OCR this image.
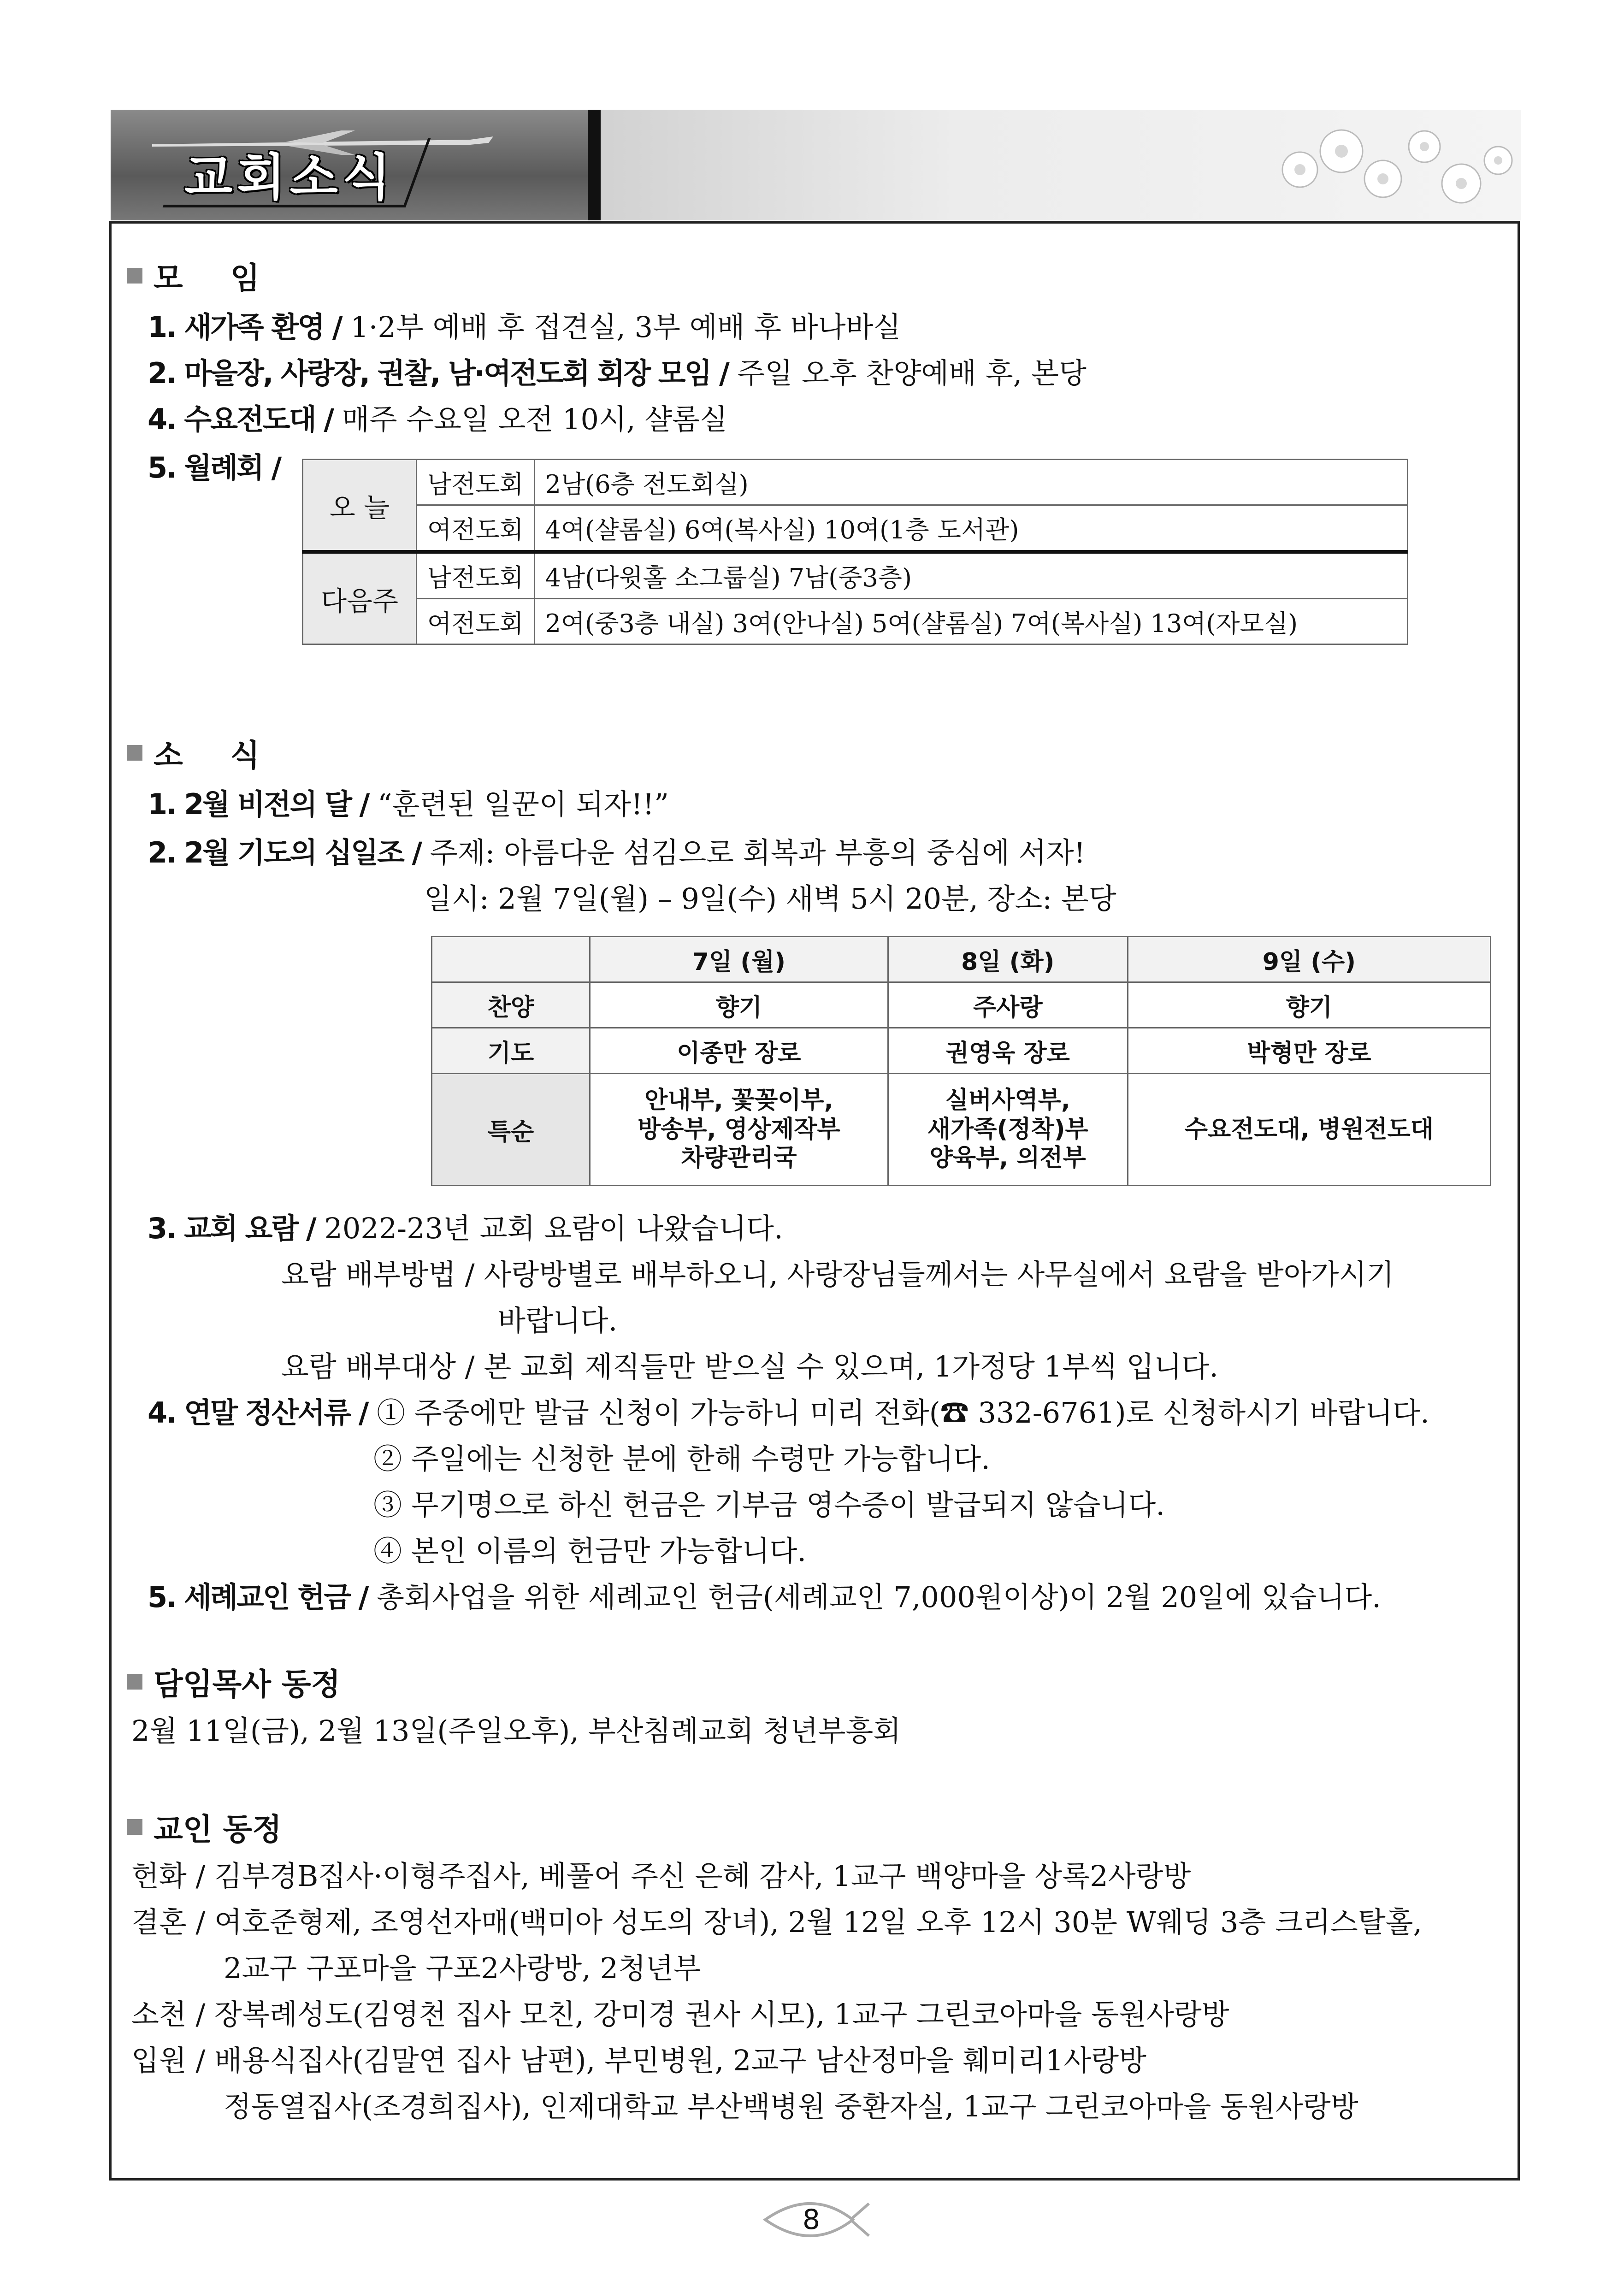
교회소식
모 임
1. 새가족 환영 / 1·2부 예배 후 접견실, 3부 예배 후 바나바실
2. 마을장, 사랑장, 권찰, 남·여전도회 회장 모임 / 주일 오후 찬양예배 후, 본당
4. 수요전도대 / 매주 수요일 오전 10시, 샬롬실
5. 월례회 /
오 늘	남전도회	2남(6층 전도회실)
	여전도회	4여(샬롬실) 6여(복사실) 10여(1층 도서관)
다음주	남전도회	4남(다윗홀 소그룹실) 7남(중3층)
	여전도회	2여(중3층 내실) 3여(안나실) 5여(샬롬실) 7여(복사실) 13여(자모실)
소 식
1. 2월 비전의 달 / “훈련된 일꾼이 되자!!”
2. 2월 기도의 십일조 / 주제: 아름다운 섬김으로 회복과 부흥의 중심에 서자!
일시: 2월 7일(월) – 9일(수) 새벽 5시 20분, 장소: 본당
	7일 (월)	8일 (화)	9일 (수)
찬양	향기	주사랑	향기
기도	이종만 장로	권영욱 장로	박형만 장로
특순	안내부, 꽃꽂이부,
방송부, 영상제작부
차량관리국	실버사역부,
새가족(정착)부
양육부, 의전부	수요전도대, 병원전도대
3. 교회 요람 / 2022-23년 교회 요람이 나왔습니다.
요람 배부방법 / 사랑방별로 배부하오니, 사랑장님들께서는 사무실에서 요람을 받아가시기
바랍니다.
요람 배부대상 / 본 교회 제직들만 받으실 수 있으며, 1가정당 1부씩 입니다.
4. 연말 정산서류 / ① 주중에만 발급 신청이 가능하니 미리 전화(☎ 332-6761)로 신청하시기 바랍니다.
② 주일에는 신청한 분에 한해 수령만 가능합니다.
③ 무기명으로 하신 헌금은 기부금 영수증이 발급되지 않습니다.
④ 본인 이름의 헌금만 가능합니다.
5. 세례교인 헌금 / 총회사업을 위한 세례교인 헌금(세례교인 7,000원이상)이 2월 20일에 있습니다.
담임목사 동정
2월 11일(금), 2월 13일(주일오후), 부산침례교회 청년부흥회
교인 동정
헌화 / 김부경B집사·이형주집사, 베풀어 주신 은혜 감사, 1교구 백양마을 상록2사랑방
결혼 / 여호준형제, 조영선자매(백미아 성도의 장녀), 2월 12일 오후 12시 30분 W웨딩 3층 크리스탈홀,
2교구 구포마을 구포2사랑방, 2청년부
소천 / 장복례성도(김영천 집사 모친, 강미경 권사 시모), 1교구 그린코아마을 동원사랑방
입원 / 배용식집사(김말연 집사 남편), 부민병원, 2교구 남산정마을 훼미리1사랑방
정동열집사(조경희집사), 인제대학교 부산백병원 중환자실, 1교구 그린코아마을 동원사랑방
8
